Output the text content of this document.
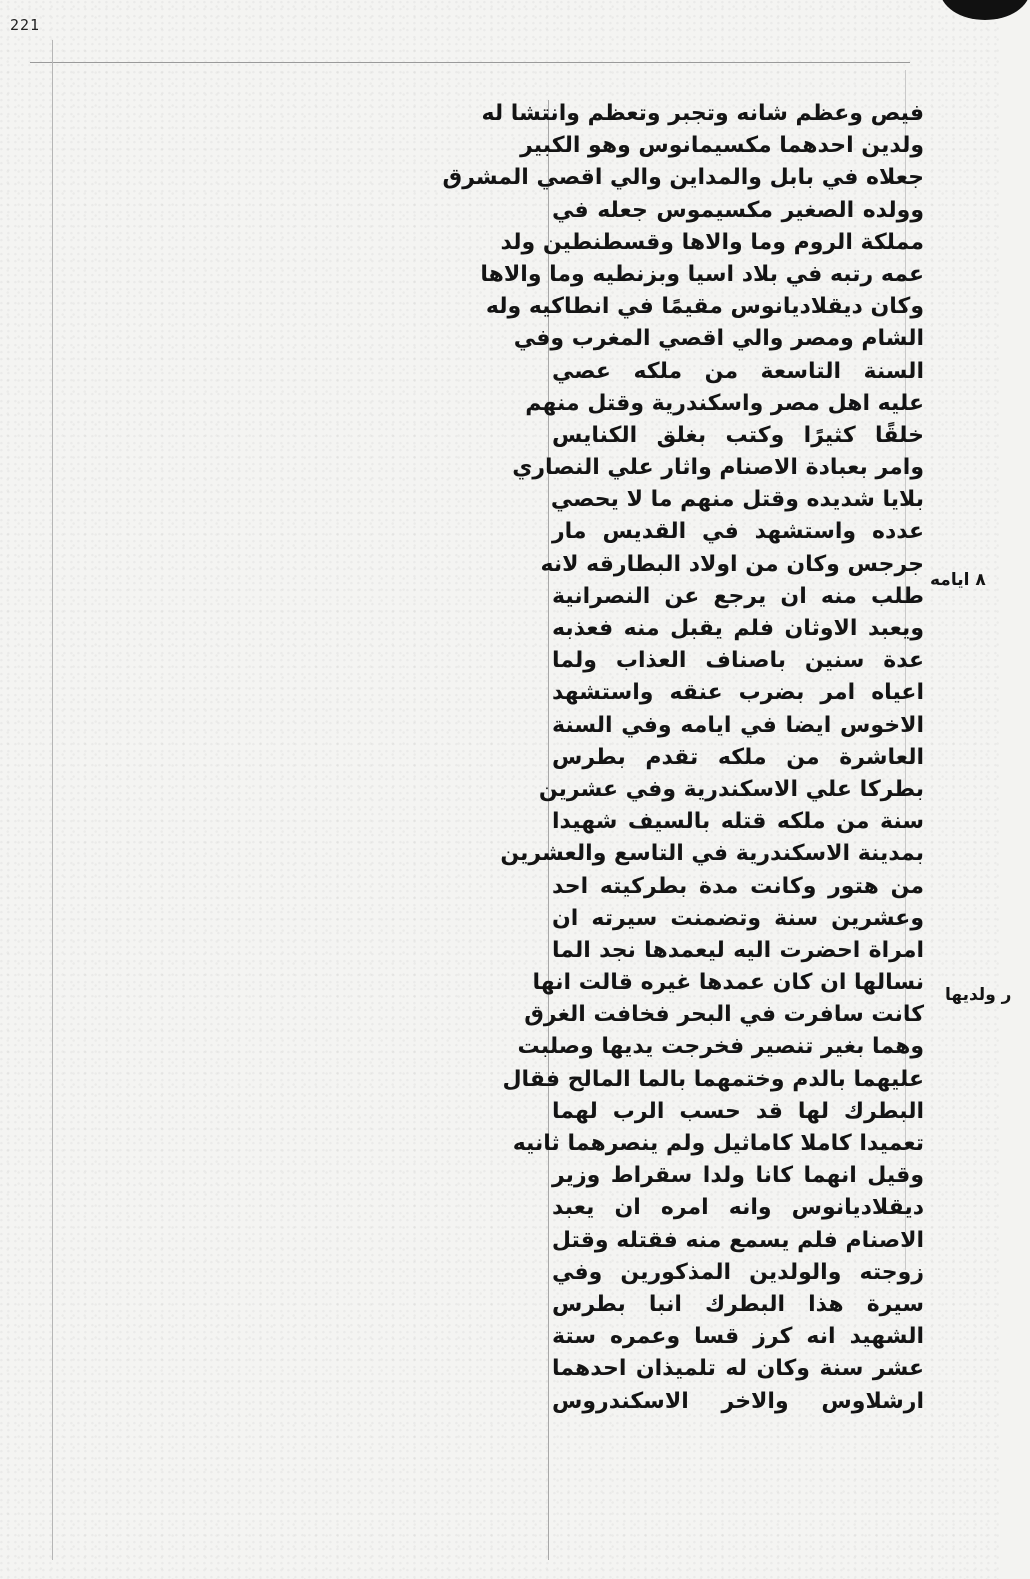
221
فيص وعظم شانه وتجبر وتعظم وانتشا له
ولدين احدهما مكسيمانوس وهو الكبير
جعلاه في بابل والمداين والي اقصي المشرق
وولده الصغير مكسيموس جعله في
مملكة الروم وما والاها وقسطنطين ولد
عمه رتبه في بلاد اسيا وبزنطيه وما والاها
وكان ديقلاديانوس مقيمًا في انطاكيه وله
الشام ومصر والي اقصي المغرب وفي
السنة التاسعة من ملكه عصي
عليه اهل مصر واسكندرية وقتل منهم
خلقًا كثيرًا وكتب بغلق الكنايس
وامر بعبادة الاصنام واثار علي النصاري
بلايا شديده وقتل منهم ما لا يحصي
عدده واستشهد في القديس مار
جرجس وكان من اولاد البطارقه لانه
طلب منه ان يرجع عن النصرانية
ويعبد الاوثان فلم يقبل منه فعذبه
عدة سنين باصناف العذاب ولما
اعياه امر بضرب عنقه واستشهد
الاخوس ايضا في ايامه وفي السنة
العاشرة من ملكه تقدم بطرس
بطركا علي الاسكندرية وفي عشرين
سنة من ملكه قتله بالسيف شهيدا
بمدينة الاسكندرية في التاسع والعشرين
من هتور وكانت مدة بطركيته احد
وعشرين سنة وتضمنت سيرته ان
امراة احضرت اليه ليعمدها نجد الما
نسالها ان كان عمدها غيره قالت انها
كانت سافرت في البحر فخافت الغرق
وهما بغير تنصير فخرجت يديها وصلبت
عليهما بالدم وختمهما بالما المالح فقال
البطرك لها قد حسب الرب لهما
تعميدا كاملا كاماثيل ولم ينصرهما ثانيه
وقيل انهما كانا ولدا سقراط وزير
ديقلاديانوس وانه امره ان يعبد
الاصنام فلم يسمع منه فقتله وقتل
زوجته والولدين المذكورين وفي
سيرة هذا البطرك انبا بطرس
الشهيد انه كرز قسا وعمره ستة
عشر سنة وكان له تلميذان احدهما
ارشلاوس والاخر الاسكندروس
٨ ايامه
ر ولديها
